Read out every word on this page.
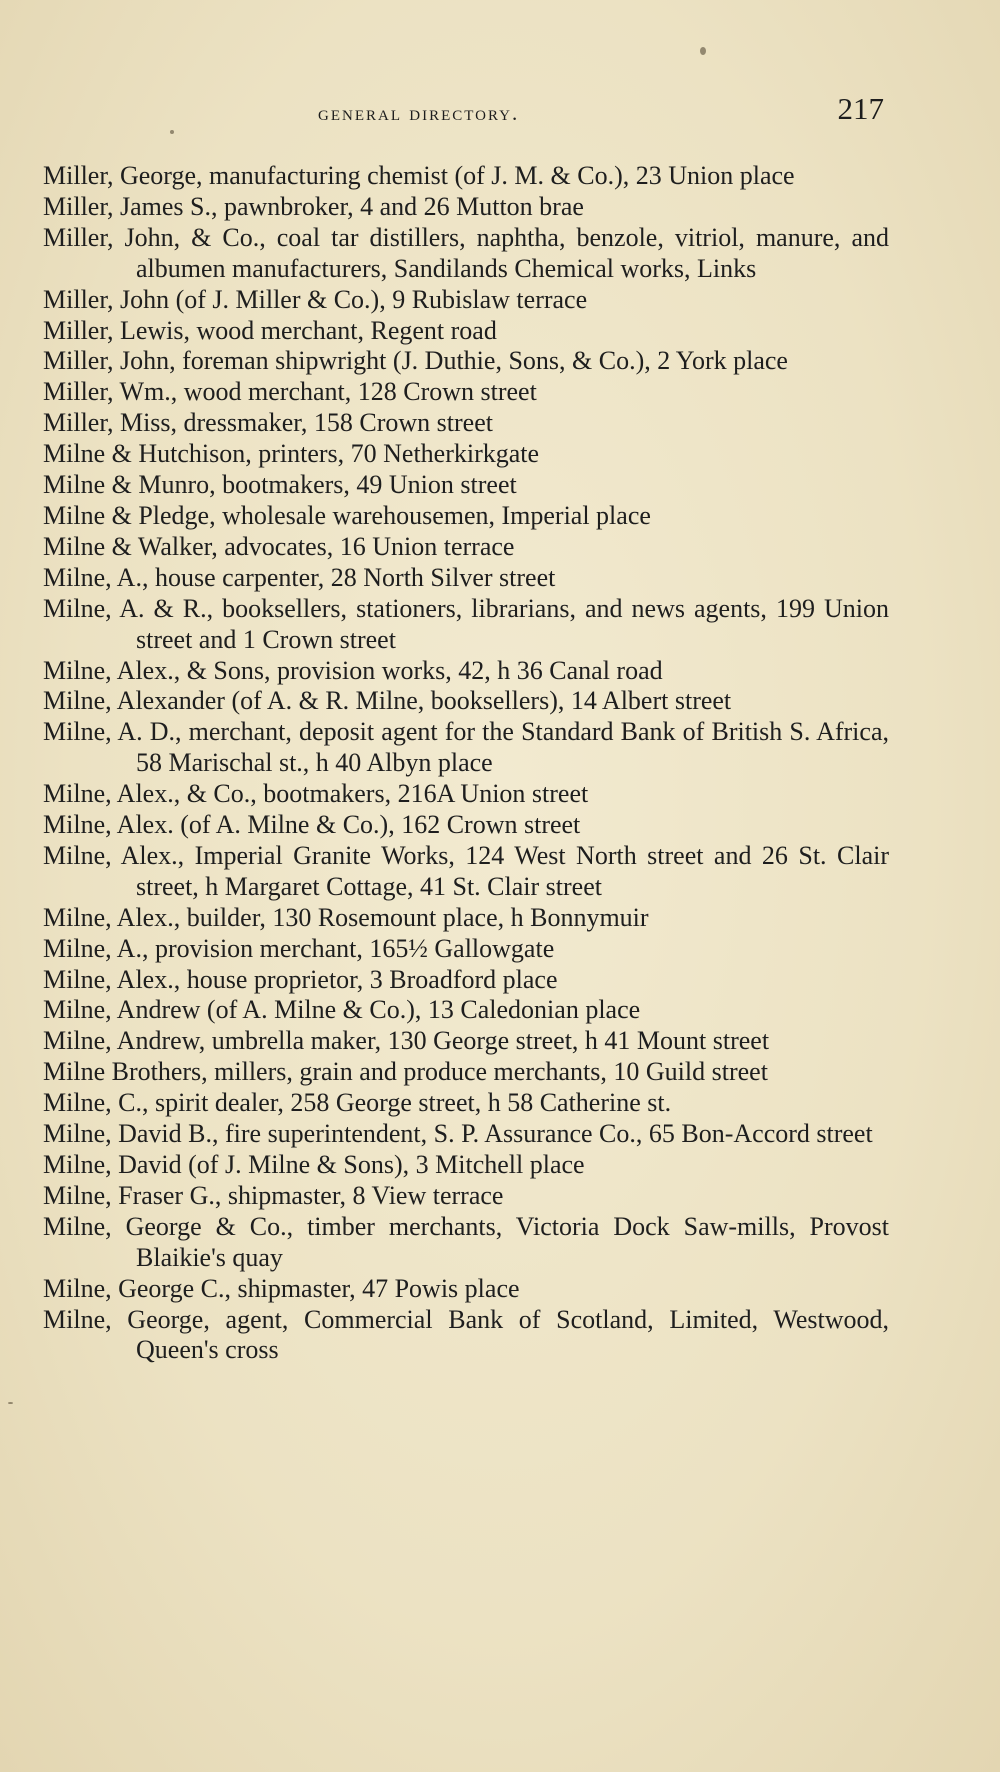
general directory.	217

Miller, George, manufacturing chemist (of J. M. & Co.), 23 Union place

Miller, James S., pawnbroker, 4 and 26 Mutton brae

Miller, John, & Co., coal tar distillers, naphtha, benzole, vitriol, manure, and albumen manufacturers, Sandilands Chemical works, Links

Miller, John (of J. Miller & Co.), 9 Rubislaw terrace

Miller, Lewis, wood merchant, Regent road

Miller, John, foreman shipwright (J. Duthie, Sons, & Co.), 2 York place

Miller, Wm., wood merchant, 128 Crown street

Miller, Miss, dressmaker, 158 Crown street

Milne & Hutchison, printers, 70 Netherkirkgate

Milne & Munro, bootmakers, 49 Union street

Milne & Pledge, wholesale warehousemen, Imperial place

Milne & Walker, advocates, 16 Union terrace

Milne, A., house carpenter, 28 North Silver street

Milne, A. & R., booksellers, stationers, librarians, and news agents, 199 Union street and 1 Crown street

Milne, Alex., & Sons, provision works, 42, h 36 Canal road

Milne, Alexander (of A. & R. Milne, booksellers), 14 Albert street

Milne, A. D., merchant, deposit agent for the Standard Bank of British S. Africa, 58 Marischal st., h 40 Albyn place

Milne, Alex., & Co., bootmakers, 216A Union street

Milne, Alex. (of A. Milne & Co.), 162 Crown street

Milne, Alex., Imperial Granite Works, 124 West North street and 26 St. Clair street, h Margaret Cottage, 41 St. Clair street

Milne, Alex., builder, 130 Rosemount place, h Bonnymuir

Milne, A., provision merchant, 165½ Gallowgate

Milne, Alex., house proprietor, 3 Broadford place

Milne, Andrew (of A. Milne & Co.), 13 Caledonian place

Milne, Andrew, umbrella maker, 130 George street, h 41 Mount street

Milne Brothers, millers, grain and produce merchants, 10 Guild street

Milne, C., spirit dealer, 258 George street, h 58 Catherine st.

Milne, David B., fire superintendent, S. P. Assurance Co., 65 Bon-Accord street

Milne, David (of J. Milne & Sons), 3 Mitchell place

Milne, Fraser G., shipmaster, 8 View terrace

Milne, George & Co., timber merchants, Victoria Dock Saw-mills, Provost Blaikie's quay

Milne, George C., shipmaster, 47 Powis place

Milne, George, agent, Commercial Bank of Scotland, Limited, Westwood, Queen's cross
